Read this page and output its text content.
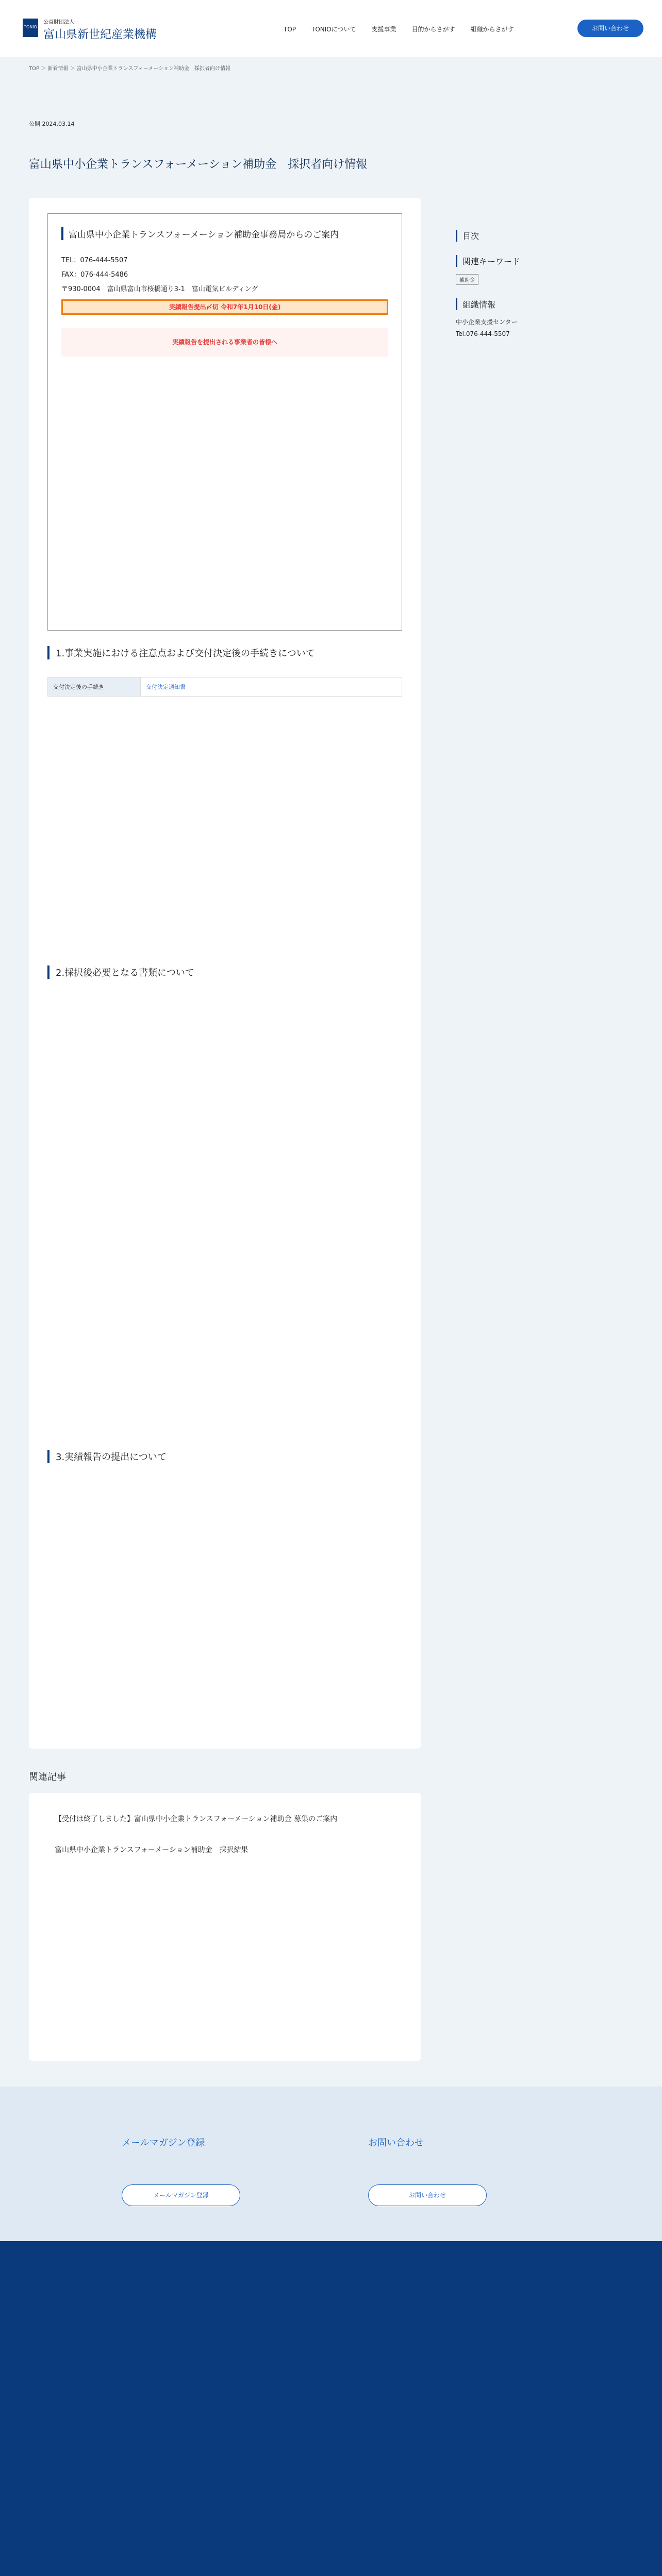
TONIO
公益財団法人
富山県新世紀産業機構	TOP	TONIOについて	支援事業	目的からさがす	組織からさがす	お問い合わせ
TOP ＞ 新着情報 ＞ 富山県中小企業トランスフォーメーション補助金　採択者向け情報
公開 2024.03.14
富山県中小企業トランスフォーメーション補助金　採択者向け情報
富山県中小企業トランスフォーメーション補助金事務局からのご案内
TEL：076-444-5507
FAX：076-444-5486
〒930-0004　富山県富山市桜橋通り3-1　富山電気ビルディング
実績報告提出〆切 令和7年1月10日(金)
実績報告を提出される事業者の皆様へ
1.事業実施における注意点および交付決定後の手続きについて
交付決定後の手続き	交付決定通知書
2.採択後必要となる書類について
3.実績報告の提出について
目次
関連キーワード
補助金
組織情報

中小企業支援センター

Tel.076-444-5507

関連記事
【受付は終了しました】富山県中小企業トランスフォーメーション補助金 募集のご案内
富山県中小企業トランスフォーメーション補助金　採択結果
メールマガジン登録
メールマガジン登録
お問い合わせ
お問い合わせ
